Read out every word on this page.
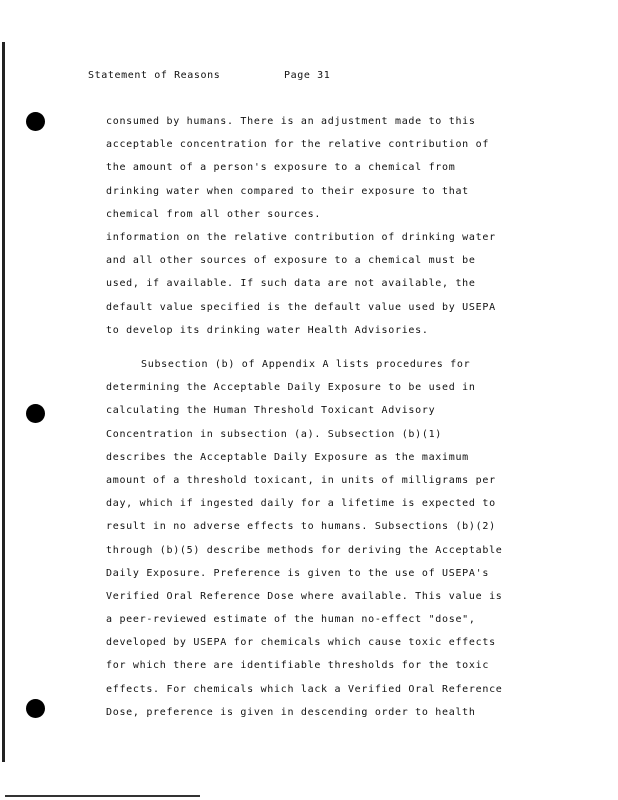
Statement of Reasons	Page 31
consumed by humans. There is an adjustment made to this
acceptable concentration for the relative contribution of
the amount of a person's exposure to a chemical from
drinking water when compared to their exposure to that
chemical from all other sources.
information on the relative contribution of drinking water
and all other sources of exposure to a chemical must be
used, if available. If such data are not available, the
default value specified is the default value used by USEPA
to develop its drinking water Health Advisories.
Subsection (b) of Appendix A lists procedures for
determining the Acceptable Daily Exposure to be used in
calculating the Human Threshold Toxicant Advisory
Concentration in subsection (a). Subsection (b)(1)
describes the Acceptable Daily Exposure as the maximum
amount of a threshold toxicant, in units of milligrams per
day, which if ingested daily for a lifetime is expected to
result in no adverse effects to humans. Subsections (b)(2)
through (b)(5) describe methods for deriving the Acceptable
Daily Exposure. Preference is given to the use of USEPA's
Verified Oral Reference Dose where available. This value is
a peer-reviewed estimate of the human no-effect "dose",
developed by USEPA for chemicals which cause toxic effects
for which there are identifiable thresholds for the toxic
effects. For chemicals which lack a Verified Oral Reference
Dose, preference is given in descending order to health
